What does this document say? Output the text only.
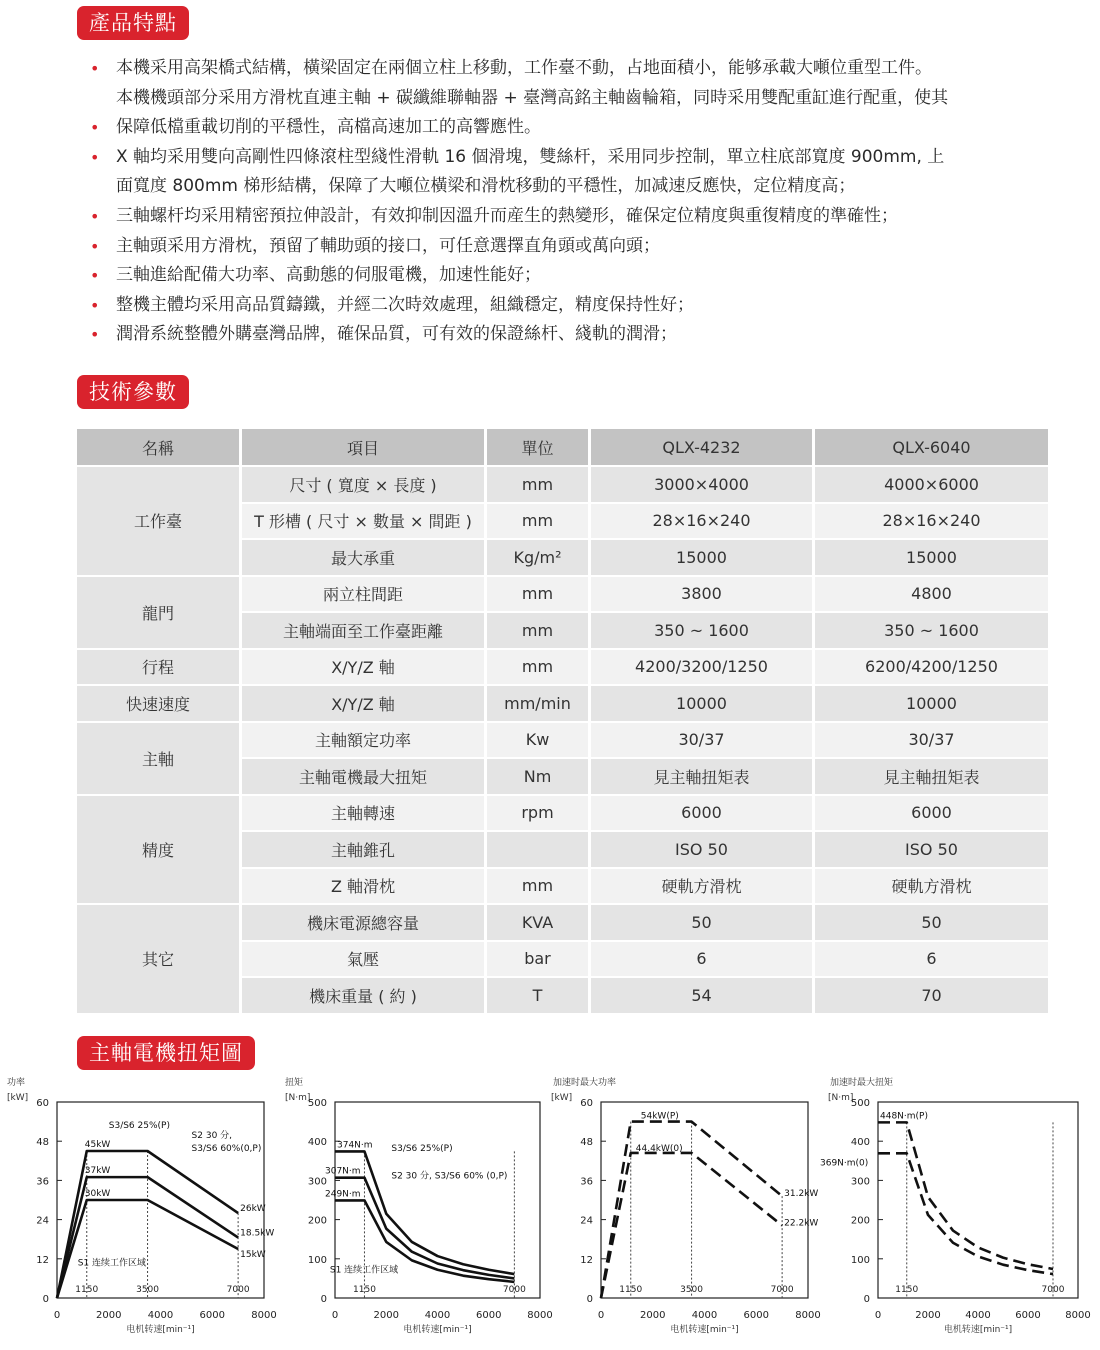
產品特點
• 本機采用高架橋式結構，橫梁固定在兩個立柱上移動，工作臺不動，占地面積小，能够承載大噸位重型工件。
本機機頭部分采用方滑枕直連主軸 + 碳纖維聯軸器 + 臺灣高銘主軸齒輪箱，同時采用雙配重缸進行配重，使其
• 保障低檔重載切削的平穩性，高檔高速加工的高響應性。
• X 軸均采用雙向高剛性四條滾柱型綫性滑軌 16 個滑塊，雙絲杆，采用同步控制，單立柱底部寬度 900mm, 上
面寬度 800mm 梯形結構，保障了大噸位橫梁和滑枕移動的平穩性，加减速反應快，定位精度高；
• 三軸螺杆均采用精密預拉伸設計，有效抑制因溫升而産生的熱變形，確保定位精度與重復精度的準確性；
• 主軸頭采用方滑枕，預留了輔助頭的接口，可任意選擇直角頭或萬向頭；
• 三軸進給配備大功率、高動態的伺服電機，加速性能好；
• 整機主體均采用高品質鑄鐵，并經二次時效處理，組織穩定，精度保持性好；
• 潤滑系統整體外購臺灣品牌，確保品質，可有效的保證絲杆、綫軌的潤滑；
技術參數
名稱	項目	單位	QLX-4232	QLX-6040
工作臺	尺寸 ( 寬度 × 長度 )	mm	3000×4000	4000×6000
	T 形槽 ( 尺寸 × 數量 × 間距 )	mm	28×16×240	28×16×240
	最大承重	Kg/m²	15000	15000
龍門	兩立柱間距	mm	3800	4800
	主軸端面至工作臺距離	mm	350 ~ 1600	350 ~ 1600
行程	X/Y/Z 軸	mm	4200/3200/1250	6200/4200/1250
快速速度	X/Y/Z 軸	mm/min	10000	10000
主軸	主軸額定功率	Kw	30/37	30/37
	主軸電機最大扭矩	Nm	見主軸扭矩表	見主軸扭矩表
精度	主軸轉速	rpm	6000	6000
	主軸錐孔		ISO 50	ISO 50
	Z 軸滑枕	mm	硬軌方滑枕	硬軌方滑枕
其它	機床電源總容量	KVA	50	50
	氣壓	bar	6	6
	機床重量 ( 約 )	T	54	70
主軸電機扭矩圖
0
12
24
36
48
60
0	2000	4000	6000	8000
功率
[kW]
电机转速[min⁻¹]
1150	3500	7000
45kW
37kW
30kW
26kW
18.5kW
15kW
S3/S6 25%(P)
S2 30 分,
S3/S6 60%(0,P)
S1 连续工作区域
0
100
200
300
400
500
0	2000	4000	6000	8000
扭矩
[N·m]
电机转速[min⁻¹]
1150	7000
374N·m
307N·m
249N·m
S3/S6 25%(P)
S2 30 分, S3/S6 60% (0,P)
S1 连续工作区域
0
12
24
36
48
60
0	2000	4000	6000	8000
加速时最大功率
[kW]
电机转速[min⁻¹]
1150	3500	7000
54kW(P)
44.4kW(0)
31.2kW
22.2kW
0
100
200
300
400
500
0	2000 4000 6000 8000
加速时最大扭矩
[N·m]
电机转速[min⁻¹]
1150	7000
448N·m(P)
369N·m(0)
